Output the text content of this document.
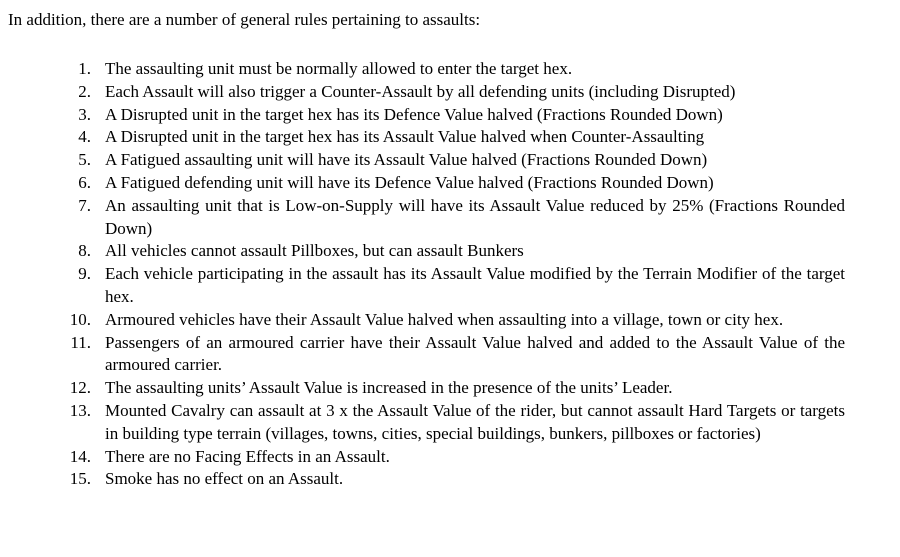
In addition, there are a number of general rules pertaining to assaults:

1. The assaulting unit must be normally allowed to enter the target hex.
2. Each Assault will also trigger a Counter-Assault by all defending units (including Disrupted)
3. A Disrupted unit in the target hex has its Defence Value halved (Fractions Rounded Down)
4. A Disrupted unit in the target hex has its Assault Value halved when Counter-Assaulting
5. A Fatigued assaulting unit will have its Assault Value halved (Fractions Rounded Down)
6. A Fatigued defending unit will have its Defence Value halved (Fractions Rounded Down)
7. An assaulting unit that is Low-on-Supply will have its Assault Value reduced by 25% (Fractions Rounded Down)
8. All vehicles cannot assault Pillboxes, but can assault Bunkers
9. Each vehicle participating in the assault has its Assault Value modified by the Terrain Modifier of the target hex.
10. Armoured vehicles have their Assault Value halved when assaulting into a village, town or city hex.
11. Passengers of an armoured carrier have their Assault Value halved and added to the Assault Value of the armoured carrier.
12. The assaulting units’ Assault Value is increased in the presence of the units’ Leader.
13. Mounted Cavalry can assault at 3 x the Assault Value of the rider, but cannot assault Hard Targets or targets in building type terrain (villages, towns, cities, special buildings, bunkers, pillboxes or factories)
14. There are no Facing Effects in an Assault.
15. Smoke has no effect on an Assault.
